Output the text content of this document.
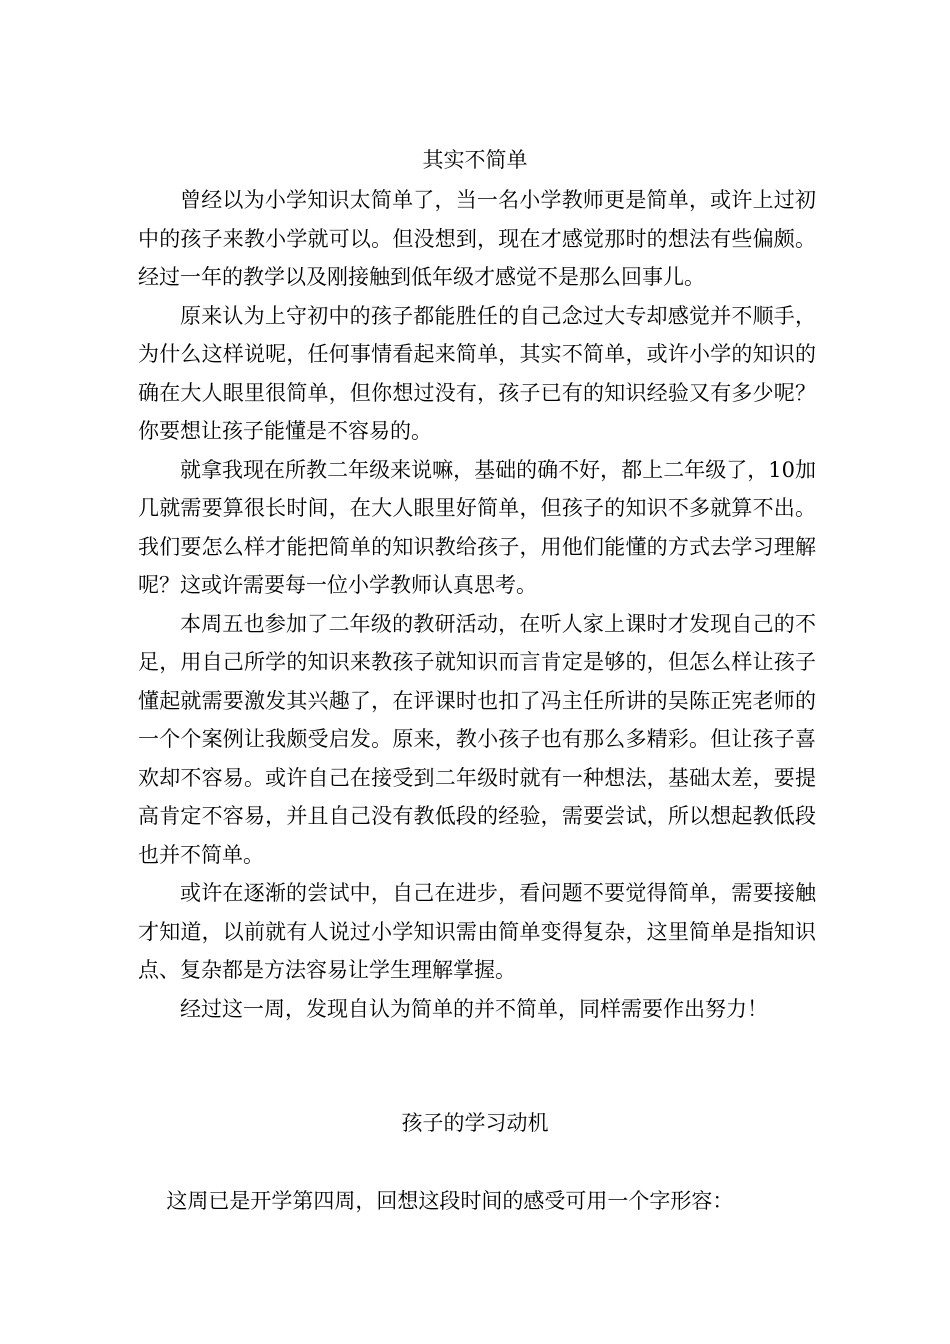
其实不简单

曾经以为小学知识太简单了，当一名小学教师更是简单，或许上过初中的孩子来教小学就可以。但没想到，现在才感觉那时的想法有些偏颇。经过一年的教学以及刚接触到低年级才感觉不是那么回事儿。

原来认为上守初中的孩子都能胜任的自己念过大专却感觉并不顺手，为什么这样说呢，任何事情看起来简单，其实不简单，或许小学的知识的确在大人眼里很简单，但你想过没有，孩子已有的知识经验又有多少呢？你要想让孩子能懂是不容易的。

就拿我现在所教二年级来说嘛，基础的确不好，都上二年级了，10加几就需要算很长时间，在大人眼里好简单，但孩子的知识不多就算不出。我们要怎么样才能把简单的知识教给孩子，用他们能懂的方式去学习理解呢？这或许需要每一位小学教师认真思考。

本周五也参加了二年级的教研活动，在听人家上课时才发现自己的不足，用自己所学的知识来教孩子就知识而言肯定是够的，但怎么样让孩子懂起就需要激发其兴趣了，在评课时也扣了冯主任所讲的吴陈正宪老师的一个个案例让我颇受启发。原来，教小孩子也有那么多精彩。但让孩子喜欢却不容易。或许自己在接受到二年级时就有一种想法，基础太差，要提高肯定不容易，并且自己没有教低段的经验，需要尝试，所以想起教低段也并不简单。

或许在逐渐的尝试中，自己在进步，看问题不要觉得简单，需要接触才知道，以前就有人说过小学知识需由简单变得复杂，这里简单是指知识点、复杂都是方法容易让学生理解掌握。

经过这一周，发现自认为简单的并不简单，同样需要作出努力！

孩子的学习动机

这周已是开学第四周，回想这段时间的感受可用一个字形容：
